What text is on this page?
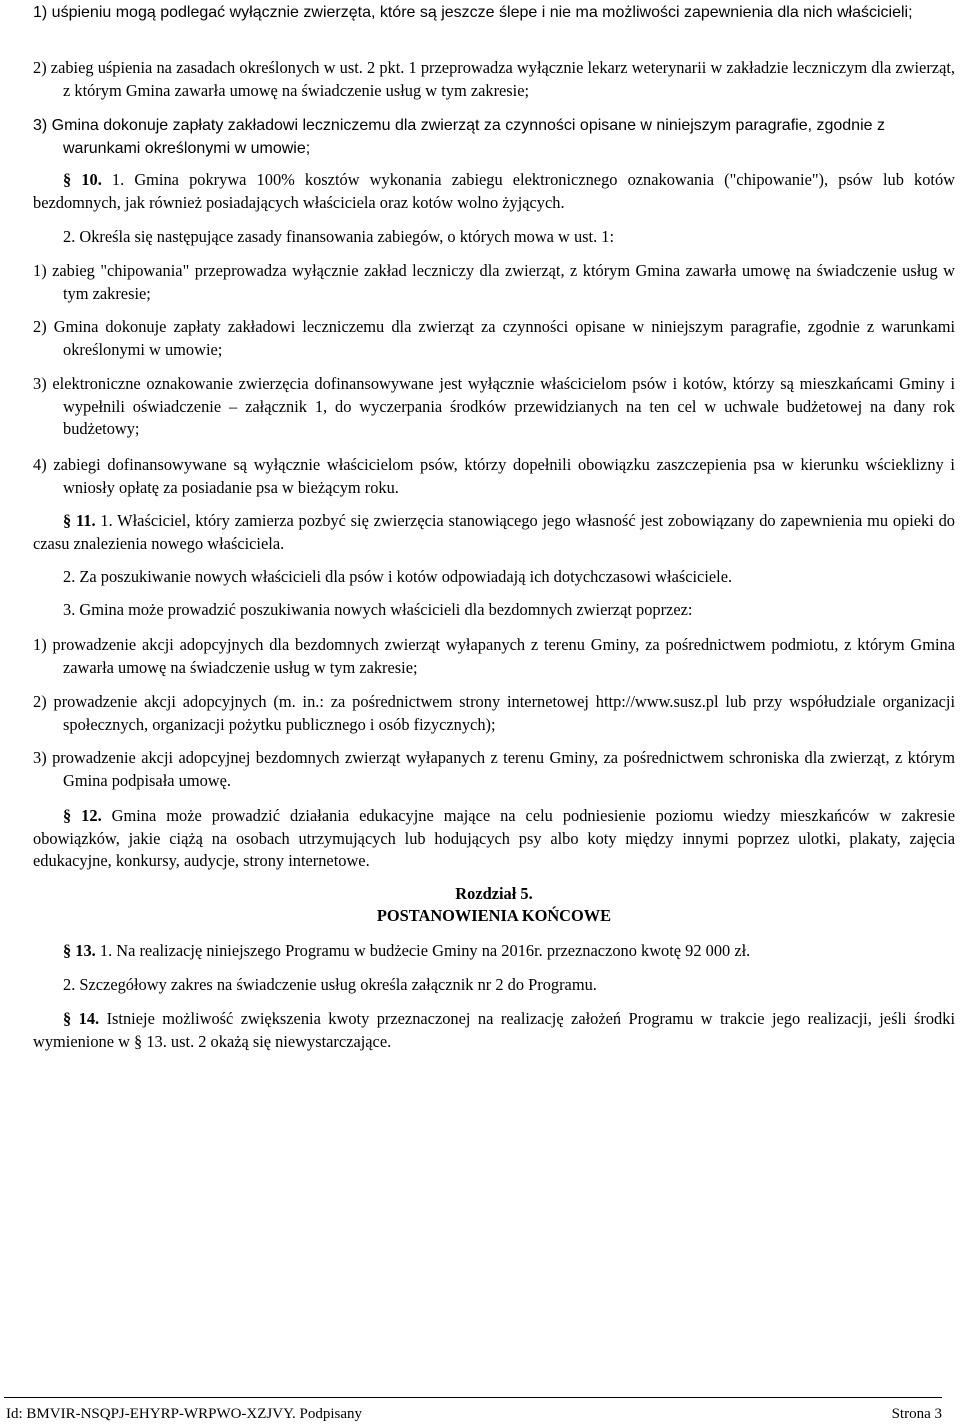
1) uśpieniu mogą podlegać wyłącznie zwierzęta, które są jeszcze ślepe i nie ma możliwości zapewnienia dla nich właścicieli;
2) zabieg uśpienia na zasadach określonych w ust. 2 pkt. 1 przeprowadza wyłącznie lekarz weterynarii w zakładzie leczniczym dla zwierząt, z którym Gmina zawarła umowę na świadczenie usług w tym zakresie;
3) Gmina dokonuje zapłaty zakładowi leczniczemu dla zwierząt za czynności opisane w niniejszym paragrafie, zgodnie z warunkami określonymi w umowie;
§ 10. 1. Gmina pokrywa 100% kosztów wykonania zabiegu elektronicznego oznakowania ("chipowanie"), psów lub kotów bezdomnych, jak również posiadających właściciela oraz kotów wolno żyjących.
2. Określa się następujące zasady finansowania zabiegów, o których mowa w ust. 1:
1) zabieg "chipowania" przeprowadza wyłącznie zakład leczniczy dla zwierząt, z którym Gmina zawarła umowę na świadczenie usług w tym zakresie;
2) Gmina dokonuje zapłaty zakładowi leczniczemu dla zwierząt za czynności opisane w niniejszym paragrafie, zgodnie z warunkami określonymi w umowie;
3) elektroniczne oznakowanie zwierzęcia dofinansowywane jest wyłącznie właścicielom psów i kotów, którzy są mieszkańcami Gminy i wypełnili oświadczenie – załącznik 1, do wyczerpania środków przewidzianych na ten cel w uchwale budżetowej na dany rok budżetowy;
4) zabiegi dofinansowywane są wyłącznie właścicielom psów, którzy dopełnili obowiązku zaszczepienia psa w kierunku wścieklizny i wniosły opłatę za posiadanie psa w bieżącym roku.
§ 11. 1. Właściciel, który zamierza pozbyć się zwierzęcia stanowiącego jego własność jest zobowiązany do zapewnienia mu opieki do czasu znalezienia nowego właściciela.
2. Za poszukiwanie nowych właścicieli dla psów i kotów odpowiadają ich dotychczasowi właściciele.
3. Gmina może prowadzić poszukiwania nowych właścicieli dla bezdomnych zwierząt poprzez:
1) prowadzenie akcji adopcyjnych dla bezdomnych zwierząt wyłapanych z terenu Gminy, za pośrednictwem podmiotu, z którym Gmina zawarła umowę na świadczenie usług w tym zakresie;
2) prowadzenie akcji adopcyjnych (m. in.: za pośrednictwem strony internetowej http://www.susz.pl lub przy współudziale organizacji społecznych, organizacji pożytku publicznego i osób fizycznych);
3) prowadzenie akcji adopcyjnej bezdomnych zwierząt wyłapanych z terenu Gminy, za pośrednictwem schroniska dla zwierząt, z którym Gmina podpisała umowę.
§ 12. Gmina może prowadzić działania edukacyjne mające na celu podniesienie poziomu wiedzy mieszkańców w zakresie obowiązków, jakie ciążą na osobach utrzymujących lub hodujących psy albo koty między innymi poprzez ulotki, plakaty, zajęcia edukacyjne, konkursy, audycje, strony internetowe.
Rozdział 5.
POSTANOWIENIA KOŃCOWE
§ 13. 1. Na realizację niniejszego Programu w budżecie Gminy na 2016r. przeznaczono kwotę 92 000 zł.
2. Szczegółowy zakres na świadczenie usług określa załącznik nr 2 do Programu.
§ 14. Istnieje możliwość zwiększenia kwoty przeznaczonej na realizację założeń Programu w trakcie jego realizacji, jeśli środki wymienione w § 13. ust. 2 okażą się niewystarczające.
Id: BMVIR-NSQPJ-EHYRP-WRPWO-XZJVY. Podpisany	Strona 3
